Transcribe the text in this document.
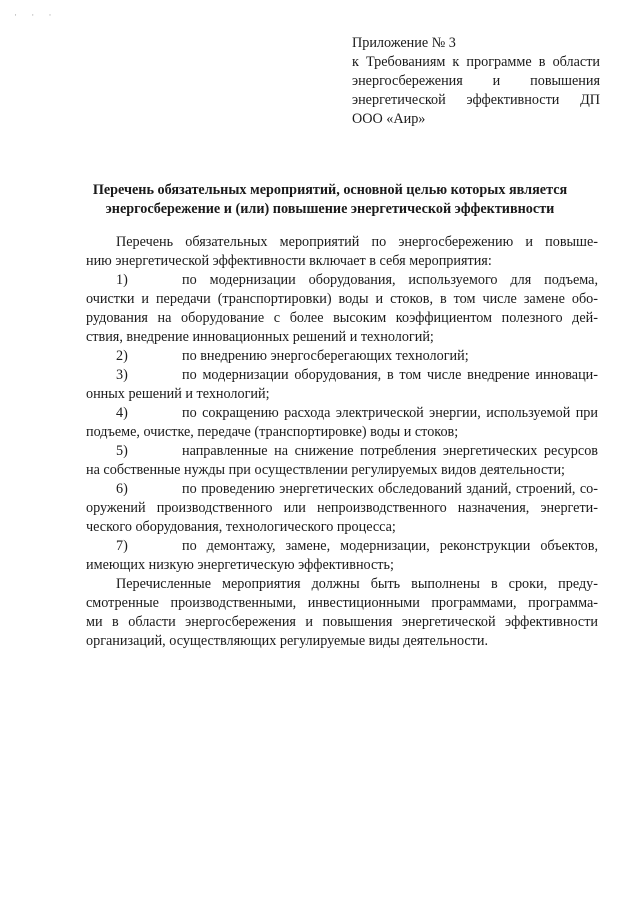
· · ·
Приложение № 3
к Требованиям к программе в области
энергосбережения и повышения
энергетической эффективности ДП
ООО «Аир»
Перечень обязательных мероприятий, основной целью которых является
энергосбережение и (или) повышение энергетической эффективности
Перечень обязательных мероприятий по энергосбережению и повыше-
нию энергетической эффективности включает в себя мероприятия:
1)	по модернизации оборудования, используемого для подъема,
очистки и передачи (транспортировки) воды и стоков, в том числе замене обо-
рудования на оборудование с более высоким коэффициентом полезного дей-
ствия, внедрение инновационных решений и технологий;
2)	по внедрению энергосберегающих технологий;
3)	по модернизации оборудования, в том числе внедрение инноваци-
онных решений и технологий;
4)	по сокращению расхода электрической энергии, используемой при
подъеме, очистке, передаче (транспортировке) воды и стоков;
5)	направленные на снижение потребления энергетических ресурсов
на собственные нужды при осуществлении регулируемых видов деятельности;
6)	по проведению энергетических обследований зданий, строений, со-
оружений производственного или непроизводственного назначения, энергети-
ческого оборудования, технологического процесса;
7)	по демонтажу, замене, модернизации, реконструкции объектов,
имеющих низкую энергетическую эффективность;
Перечисленные мероприятия должны быть выполнены в сроки, преду-
смотренные производственными, инвестиционными программами, программа-
ми в области энергосбережения и повышения энергетической эффективности
организаций, осуществляющих регулируемые виды деятельности.
